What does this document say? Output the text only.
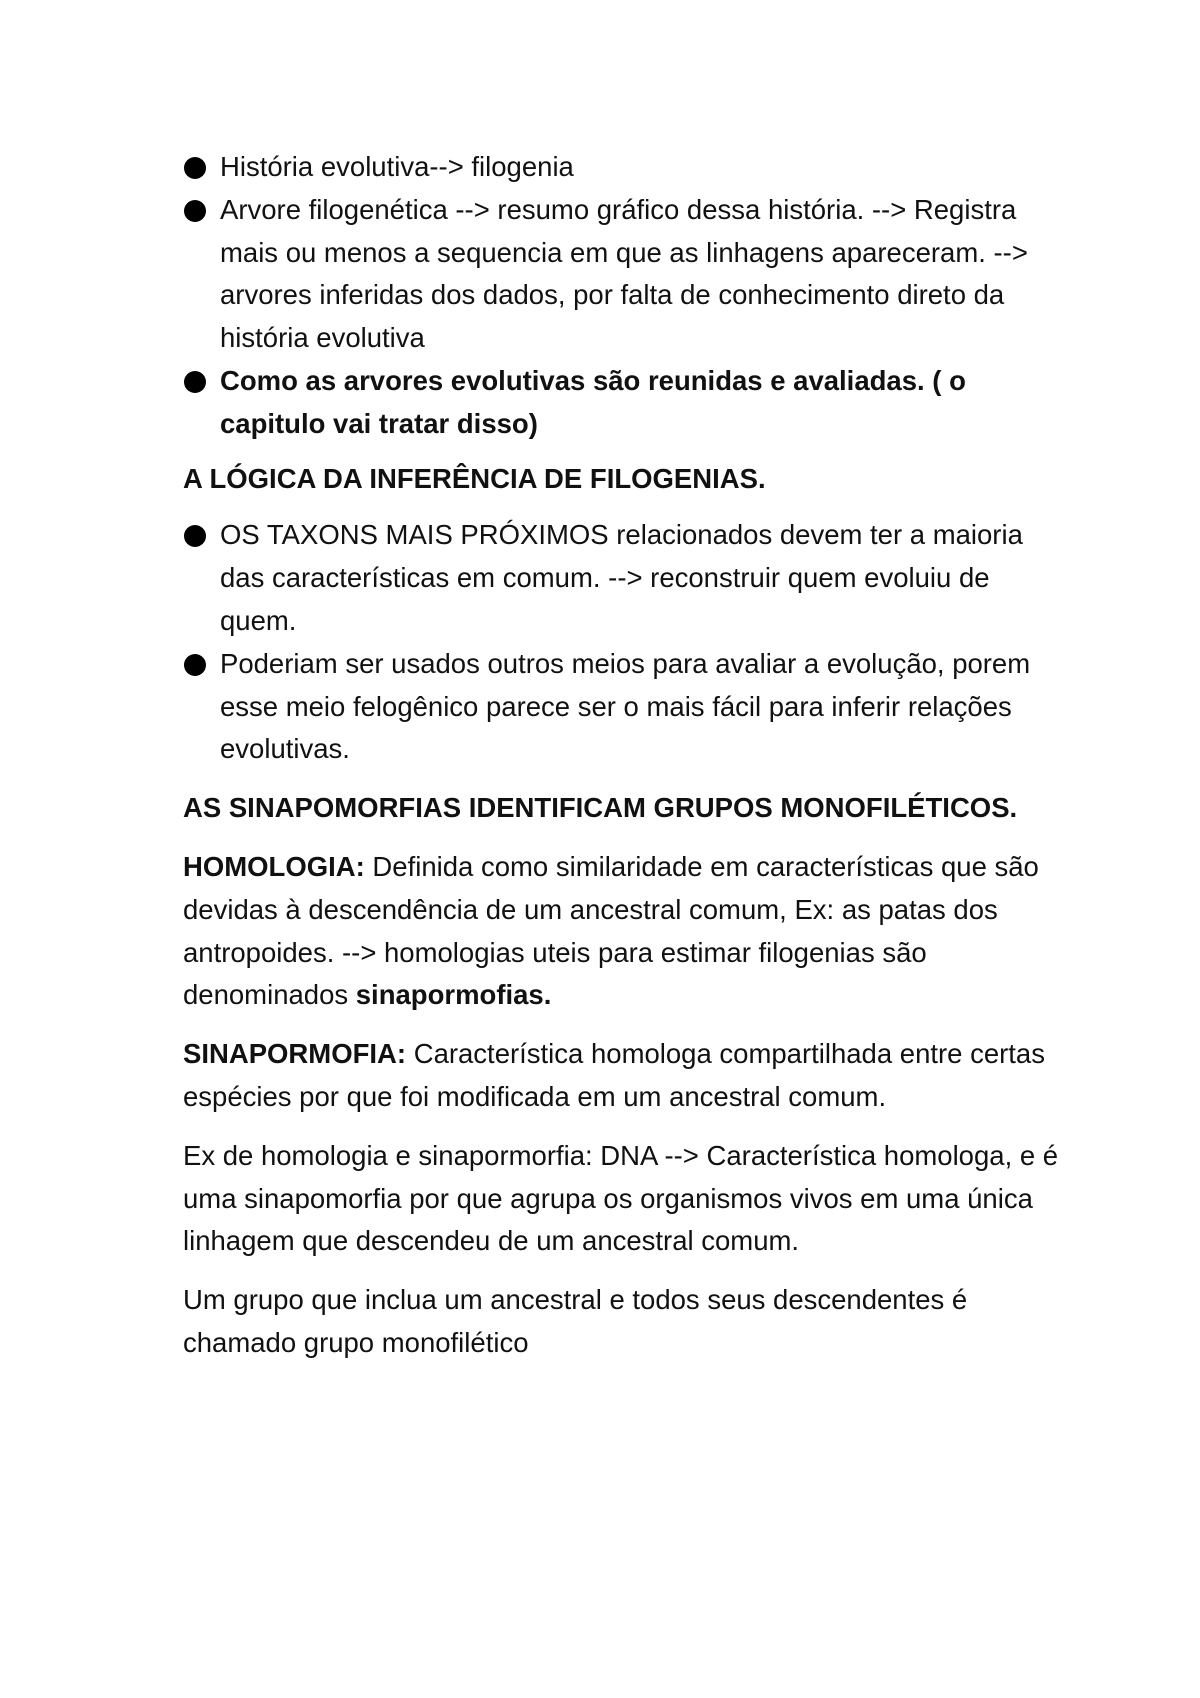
História evolutiva--> filogenia
Arvore filogenética --> resumo gráfico dessa história. --> Registra mais ou menos a sequencia em que as linhagens apareceram. --> arvores inferidas dos dados, por falta de conhecimento direto da história evolutiva
Como as arvores evolutivas são reunidas e avaliadas. ( o capitulo vai tratar disso)

A LÓGICA DA INFERÊNCIA DE FILOGENIAS.

OS TAXONS MAIS PRÓXIMOS relacionados devem ter a maioria das características em comum. --> reconstruir quem evoluiu de quem.
Poderiam ser usados outros meios para avaliar a evolução, porem esse meio felogênico parece ser o mais fácil para inferir relações evolutivas.

AS SINAPOMORFIAS IDENTIFICAM GRUPOS MONOFILÉTICOS.

HOMOLOGIA: Definida como similaridade em características que são devidas à descendência de um ancestral comum, Ex: as patas dos antropoides. --> homologias uteis para estimar filogenias são denominados sinapormofias.

SINAPORMOFIA: Característica homologa compartilhada entre certas espécies por que foi modificada em um ancestral comum.

Ex de homologia e sinapormorfia: DNA --> Característica homologa, e é uma sinapomorfia por que agrupa os organismos vivos em uma única linhagem que descendeu de um ancestral comum.

Um grupo que inclua um ancestral e todos seus descendentes é chamado grupo monofilético
